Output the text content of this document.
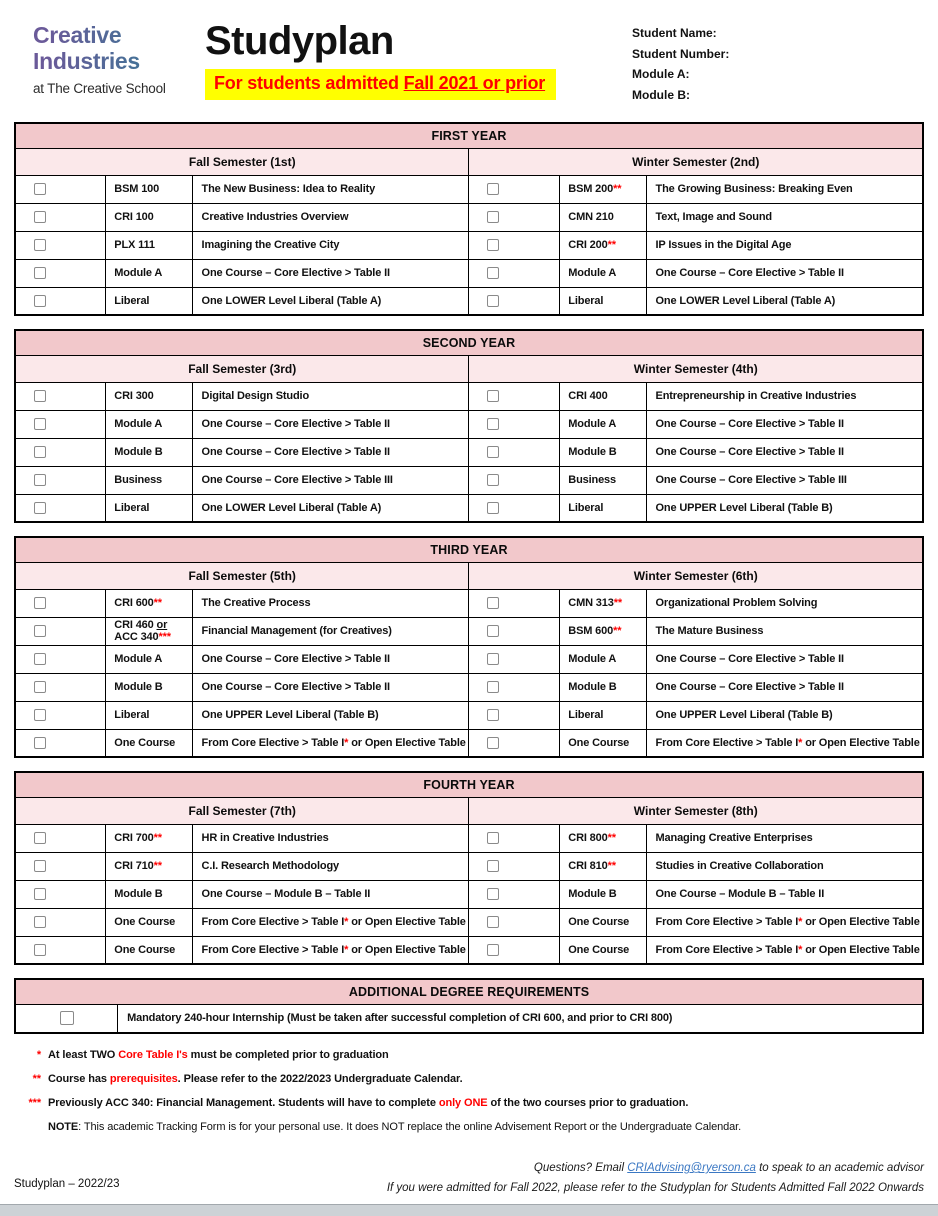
Creative
Industries
at The Creative School
Studyplan
For students admitted Fall 2021 or prior
Student Name:
Student Number:
Module A:
Module B:
FIRST YEAR					
Fall Semester (1st)			Winter Semester (2nd)		
	BSM 100	The New Business: Idea to Reality		BSM 200**	The Growing Business: Breaking Even
	CRI 100	Creative Industries Overview		CMN 210	Text, Image and Sound
	PLX 111	Imagining the Creative City		CRI 200**	IP Issues in the Digital Age
	Module A	One Course – Core Elective > Table II		Module A	One Course – Core Elective > Table II
	Liberal	One LOWER Level Liberal (Table A)		Liberal	One LOWER Level Liberal (Table A)
SECOND YEAR					
Fall Semester (3rd)			Winter Semester (4th)		
	CRI 300	Digital Design Studio		CRI 400	Entrepreneurship in Creative Industries
	Module A	One Course – Core Elective > Table II		Module A	One Course – Core Elective > Table II
	Module B	One Course – Core Elective > Table II		Module B	One Course – Core Elective > Table II
	Business	One Course – Core Elective > Table III		Business	One Course – Core Elective > Table III
	Liberal	One LOWER Level Liberal (Table A)		Liberal	One UPPER Level Liberal (Table B)
THIRD YEAR					
Fall Semester (5th)			Winter Semester (6th)		
	CRI 600**	The Creative Process		CMN 313**	Organizational Problem Solving
	CRI 460 or
ACC 340***	Financial Management (for Creatives)		BSM 600**	The Mature Business
	Module A	One Course – Core Elective > Table II		Module A	One Course – Core Elective > Table II
	Module B	One Course – Core Elective > Table II		Module B	One Course – Core Elective > Table II
	Liberal	One UPPER Level Liberal (Table B)		Liberal	One UPPER Level Liberal (Table B)
	One Course	From Core Elective > Table I* or Open Elective Table		One Course	From Core Elective > Table I* or Open Elective Table
FOURTH YEAR					
Fall Semester (7th)			Winter Semester (8th)		
	CRI 700**	HR in Creative Industries		CRI 800**	Managing Creative Enterprises
	CRI 710**	C.I. Research Methodology		CRI 810**	Studies in Creative Collaboration
	Module B	One Course – Module B – Table II		Module B	One Course – Module B – Table II
	One Course	From Core Elective > Table I* or Open Elective Table		One Course	From Core Elective > Table I* or Open Elective Table
	One Course	From Core Elective > Table I* or Open Elective Table		One Course	From Core Elective > Table I* or Open Elective Table
ADDITIONAL DEGREE REQUIREMENTS
	Mandatory 240-hour Internship (Must be taken after successful completion of CRI 600, and prior to CRI 800)
* At least TWO Core Table I's must be completed prior to graduation
** Course has prerequisites. Please refer to the 2022/2023 Undergraduate Calendar.
*** Previously ACC 340: Financial Management. Students will have to complete only ONE of the two courses prior to graduation.
NOTE: This academic Tracking Form is for your personal use. It does NOT replace the online Advisement Report or the Undergraduate Calendar.
Questions? Email CRIAdvising@ryerson.ca to speak to an academic advisor
If you were admitted for Fall 2022, please refer to the Studyplan for Students Admitted Fall 2022 Onwards
Studyplan – 2022/23
